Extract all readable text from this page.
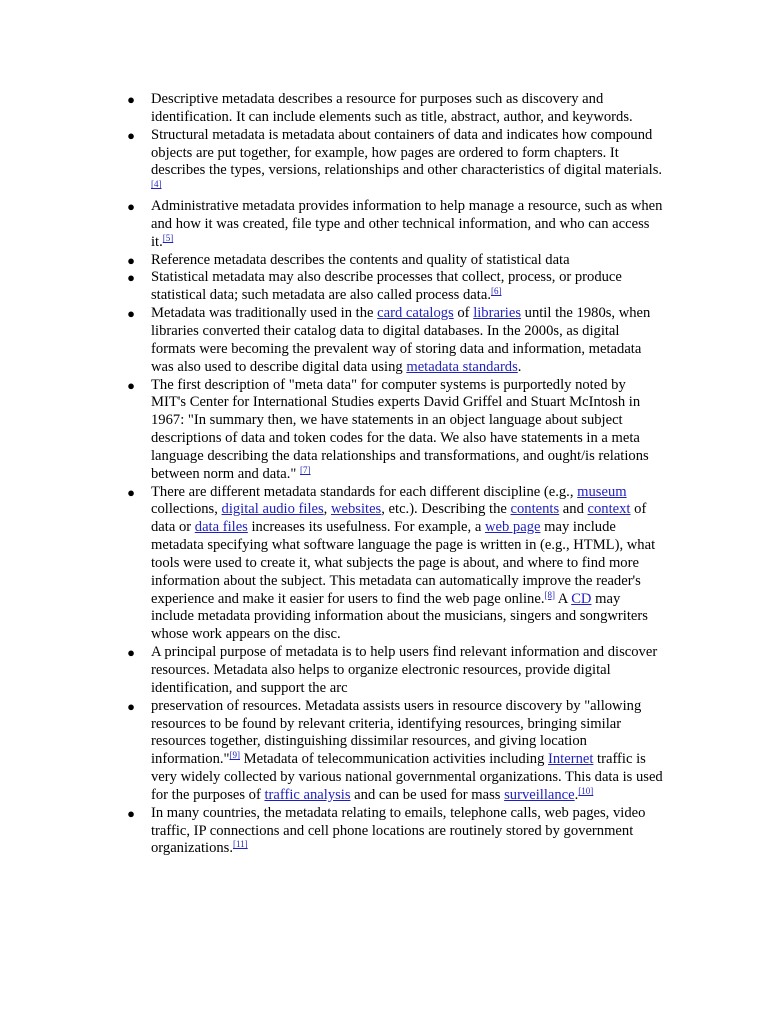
● Descriptive metadata describes a resource for purposes such as discovery and identification. It can include elements such as title, abstract, author, and keywords.
● Structural metadata is metadata about containers of data and indicates how compound objects are put together, for example, how pages are ordered to form chapters. It describes the types, versions, relationships and other characteristics of digital materials. [4]
● Administrative metadata provides information to help manage a resource, such as when and how it was created, file type and other technical information, and who can access it.[5]
● Reference metadata describes the contents and quality of statistical data
● Statistical metadata may also describe processes that collect, process, or produce statistical data; such metadata are also called process data.[6]
● Metadata was traditionally used in the card catalogs of libraries until the 1980s, when libraries converted their catalog data to digital databases. In the 2000s, as digital formats were becoming the prevalent way of storing data and information, metadata was also used to describe digital data using metadata standards.
● The first description of "meta data" for computer systems is purportedly noted by MIT's Center for International Studies experts David Griffel and Stuart McIntosh in 1967: "In summary then, we have statements in an object language about subject descriptions of data and token codes for the data. We also have statements in a meta language describing the data relationships and transformations, and ought/is relations between norm and data." [7]
● There are different metadata standards for each different discipline (e.g., museum collections, digital audio files, websites, etc.). Describing the contents and context of data or data files increases its usefulness. For example, a web page may include metadata specifying what software language the page is written in (e.g., HTML), what tools were used to create it, what subjects the page is about, and where to find more information about the subject. This metadata can automatically improve the reader's experience and make it easier for users to find the web page online.[8] A CD may include metadata providing information about the musicians, singers and songwriters whose work appears on the disc.
● A principal purpose of metadata is to help users find relevant information and discover resources. Metadata also helps to organize electronic resources, provide digital identification, and support the arc
● preservation of resources. Metadata assists users in resource discovery by "allowing resources to be found by relevant criteria, identifying resources, bringing similar resources together, distinguishing dissimilar resources, and giving location information."[9] Metadata of telecommunication activities including Internet traffic is very widely collected by various national governmental organizations. This data is used for the purposes of traffic analysis and can be used for mass surveillance.[10]
● In many countries, the metadata relating to emails, telephone calls, web pages, video traffic, IP connections and cell phone locations are routinely stored by government organizations.[11]
